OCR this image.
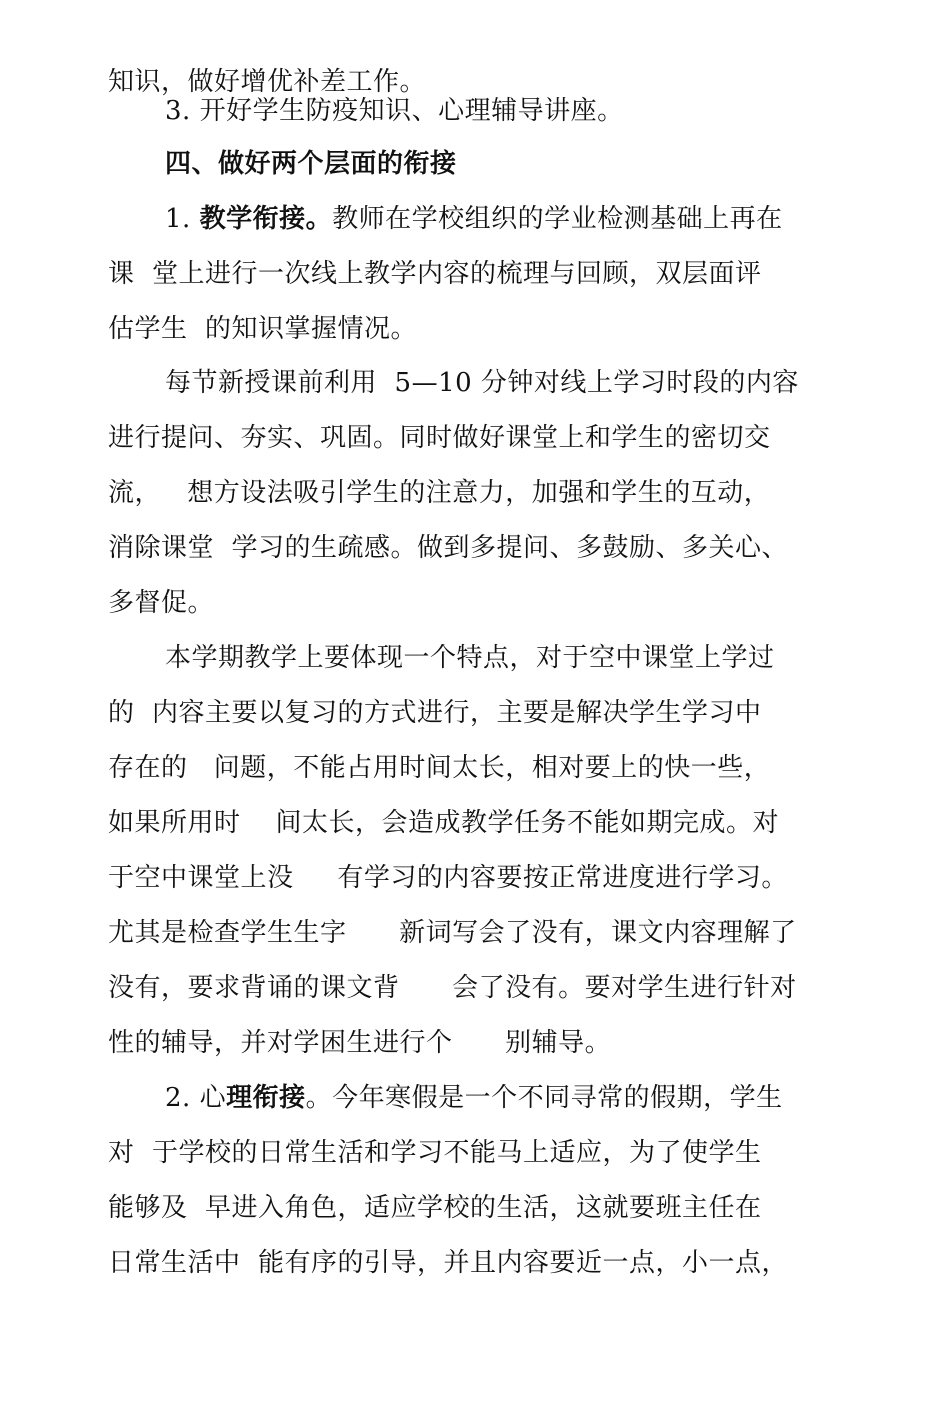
知识，做好增优补差工作。
3. 开好学生防疫知识、心理辅导讲座。
四、做好两个层面的衔接
1. 教学衔接。教师在学校组织的学业检测基础上再在
课  堂上进行一次线上教学内容的梳理与回顾，双层面评
估学生  的知识掌握情况。
每节新授课前利用  5—10 分钟对线上学习时段的内容
进行提问、夯实、巩固。同时做好课堂上和学生的密切交
流，   想方设法吸引学生的注意力，加强和学生的互动，
消除课堂  学习的生疏感。做到多提问、多鼓励、多关心、
多督促。
本学期教学上要体现一个特点，对于空中课堂上学过
的  内容主要以复习的方式进行，主要是解决学生学习中
存在的   问题，不能占用时间太长，相对要上的快一些，
如果所用时    间太长，会造成教学任务不能如期完成。对
于空中课堂上没     有学习的内容要按正常进度进行学习。
尤其是检查学生生字      新词写会了没有，课文内容理解了
没有，要求背诵的课文背      会了没有。要对学生进行针对
性的辅导，并对学困生进行个      别辅导。
2. 心理衔接。今年寒假是一个不同寻常的假期，学生
对  于学校的日常生活和学习不能马上适应，为了使学生
能够及  早进入角色，适应学校的生活，这就要班主任在
日常生活中  能有序的引导，并且内容要近一点，小一点，
